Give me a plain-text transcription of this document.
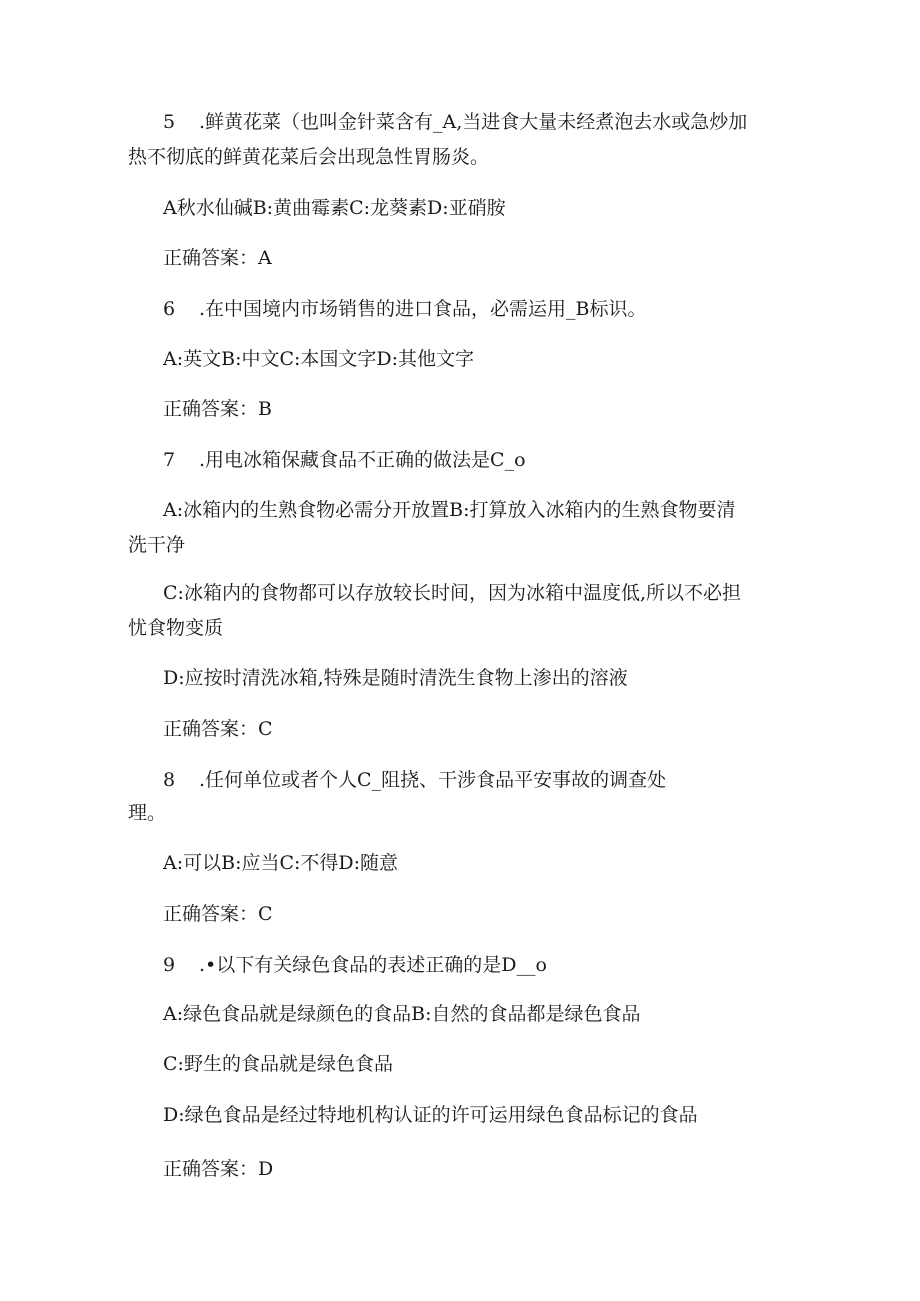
5 .鲜黄花菜（也叫金针菜含有_A,当进食大量未经煮泡去水或急炒加
热不彻底的鲜黄花菜后会出现急性胃肠炎。
A秋水仙碱B:黄曲霉素C:龙葵素D:亚硝胺
正确答案：A
6 .在中国境内市场销售的进口食品，必需运用_B标识。
A:英文B:中文C:本国文字D:其他文字
正确答案：B
7 .用电冰箱保藏食品不正确的做法是C_o
A:冰箱内的生熟食物必需分开放置B:打算放入冰箱内的生熟食物要清
洗干净
C:冰箱内的食物都可以存放较长时间，因为冰箱中温度低,所以不必担
忧食物变质
D:应按时清洗冰箱,特殊是随时清洗生食物上渗出的溶液
正确答案：C
8 .任何单位或者个人C_阻挠、干涉食品平安事故的调查处
理。
A:可以B:应当C:不得D:随意
正确答案：C
9 .•以下有关绿色食品的表述正确的是D__o
A:绿色食品就是绿颜色的食品B:自然的食品都是绿色食品
C:野生的食品就是绿色食品
D:绿色食品是经过特地机构认证的许可运用绿色食品标记的食品
正确答案：D
